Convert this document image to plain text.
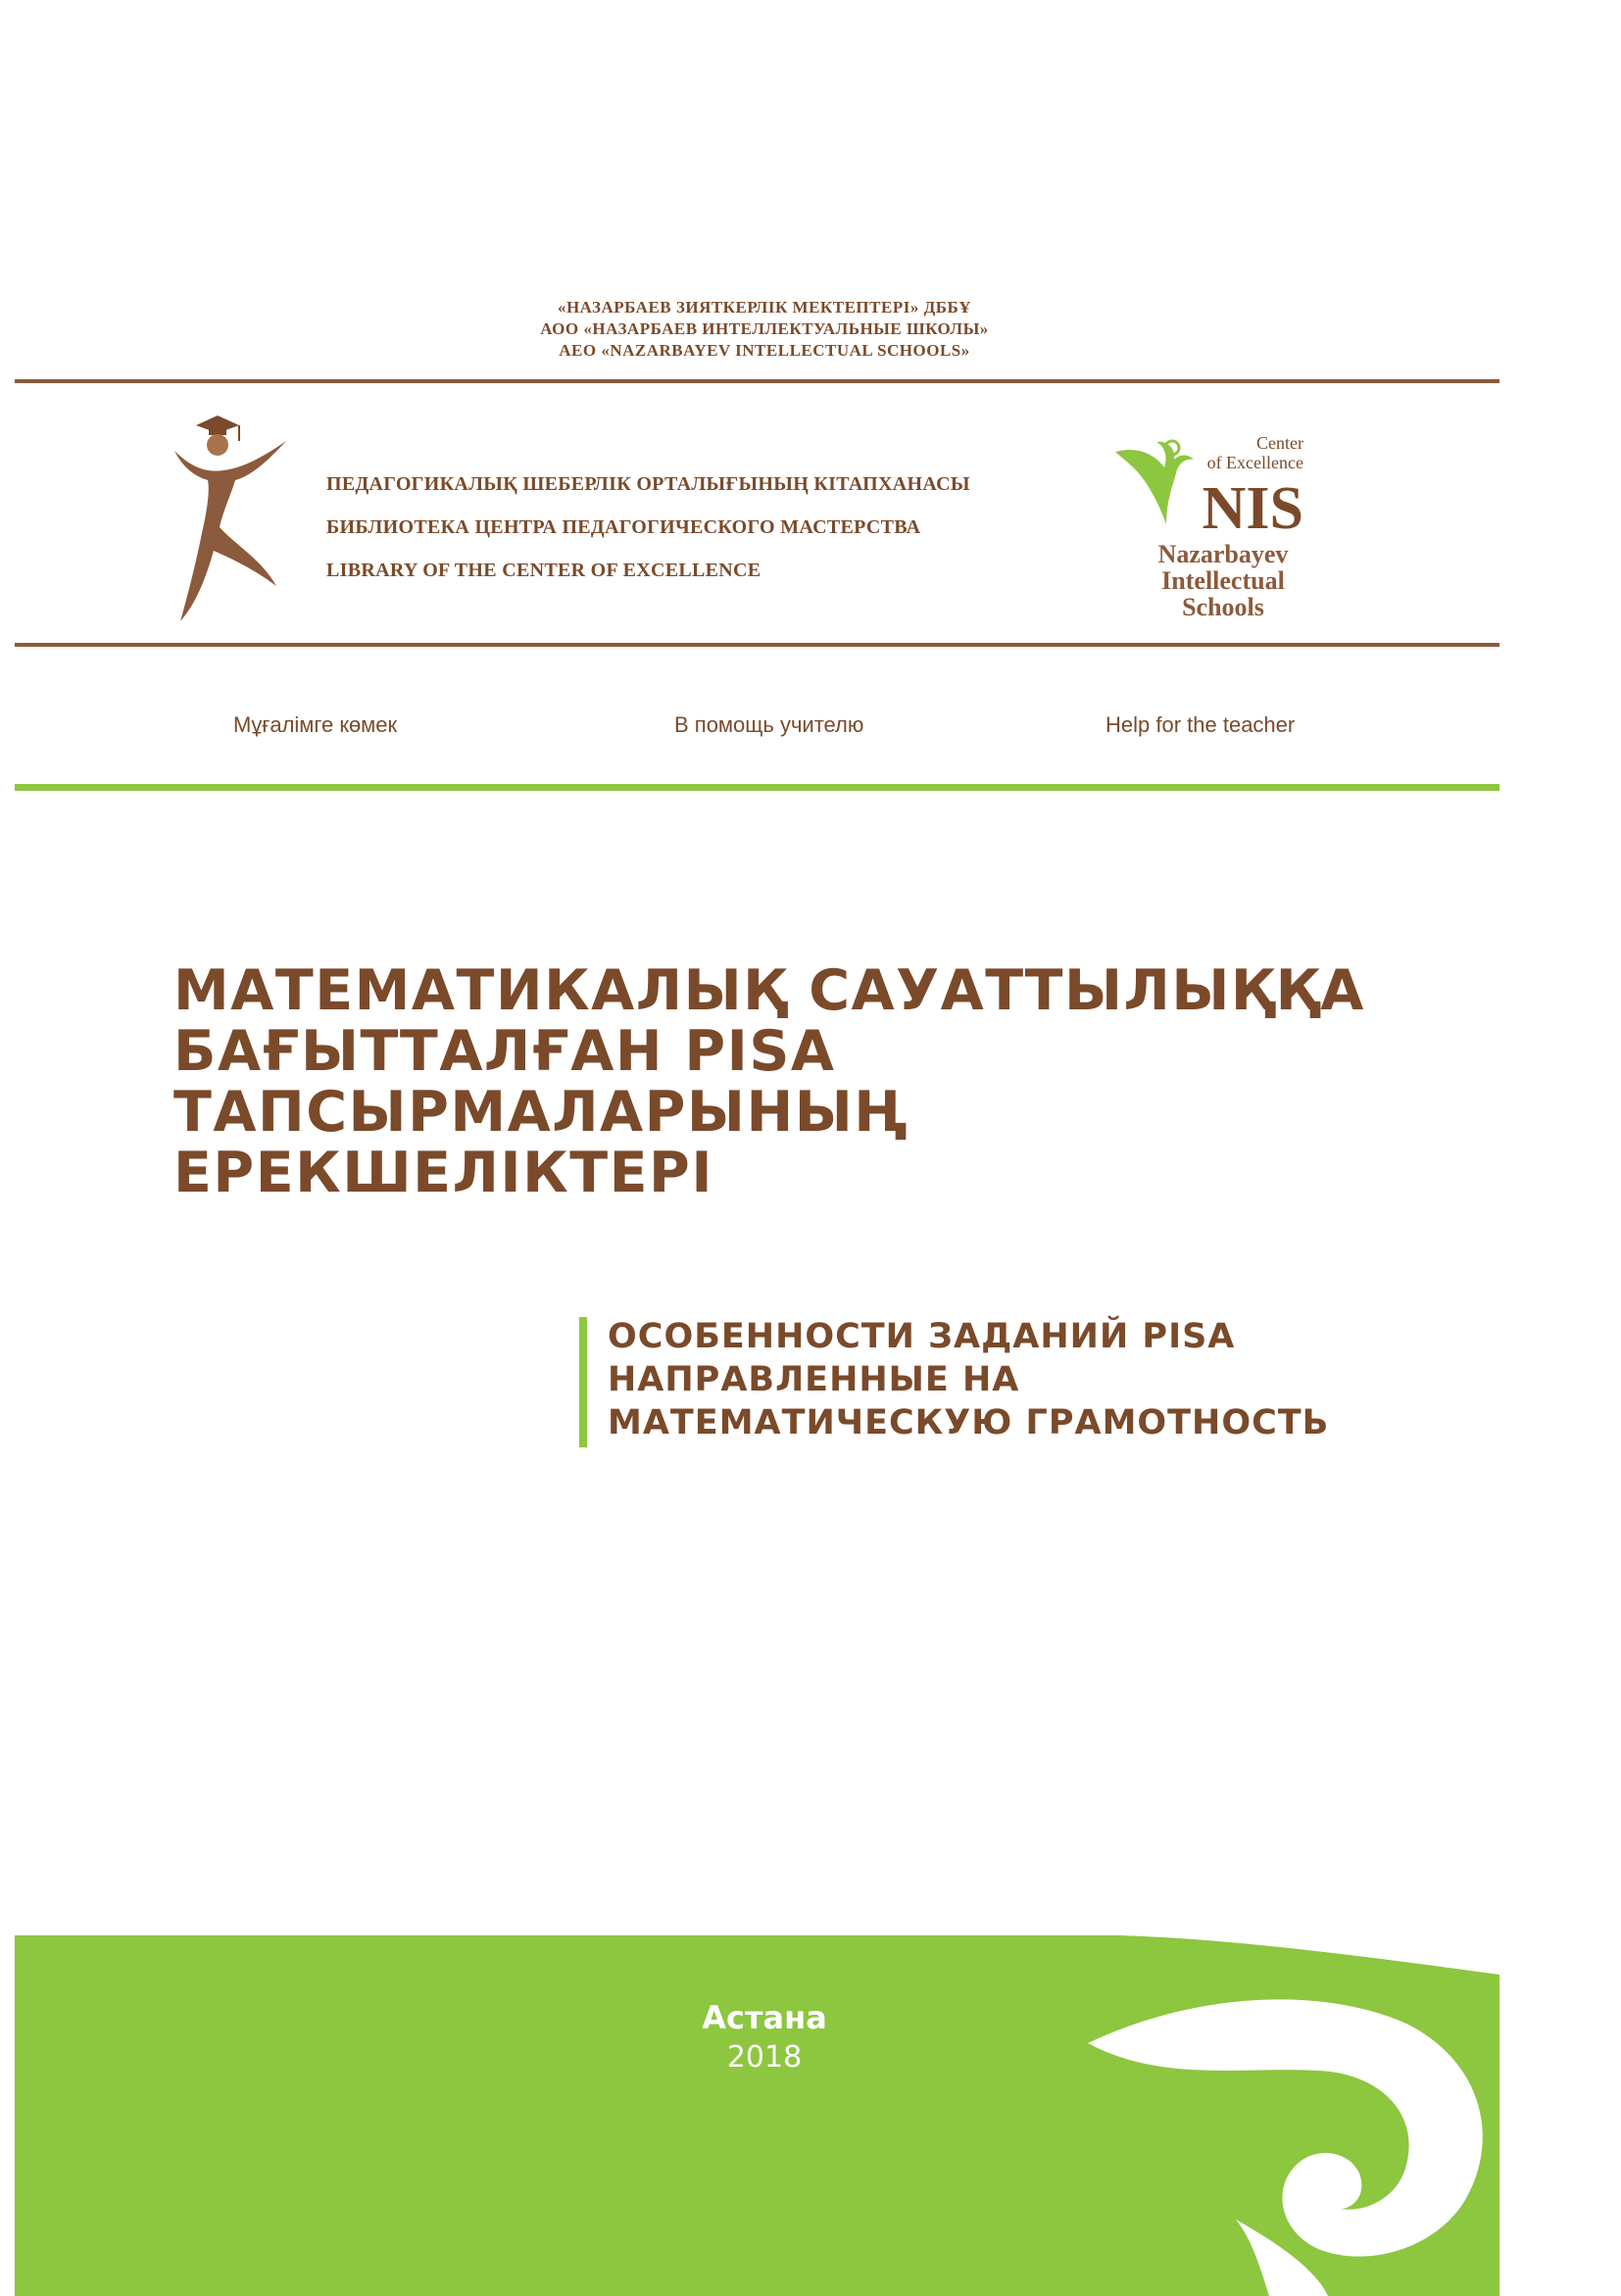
«НАЗАРБАЕВ ЗИЯТКЕРЛІК МЕКТЕПТЕРІ» ДББҰ
АОО «НАЗАРБАЕВ ИНТЕЛЛЕКТУАЛЬНЫЕ ШКОЛЫ»
AEO «NAZARBAYEV INTELLECTUAL SCHOOLS»
ПЕДАГОГИКАЛЫҚ ШЕБЕРЛІК ОРТАЛЫҒЫНЫҢ КІТАПХАНАСЫ
БИБЛИОТЕКА ЦЕНТРА ПЕДАГОГИЧЕСКОГО МАСТЕРСТВА
LIBRARY OF THE CENTER OF EXCELLENCE
Center
of Excellence
NIS
Nazarbayev
Intellectual
Schools
Мұғалімге көмек	В помощь учителю	Help for the teacher
МАТЕМАТИКАЛЫҚ САУАТТЫЛЫҚҚА
БАҒЫТТАЛҒАН PISA
ТАПСЫРМАЛАРЫНЫҢ
ЕРЕКШЕЛІКТЕРІ
ОСОБЕННОСТИ ЗАДАНИЙ PISA
НАПРАВЛЕННЫЕ НА
МАТЕМАТИЧЕСКУЮ ГРАМОТНОСТЬ
Астана
2018
